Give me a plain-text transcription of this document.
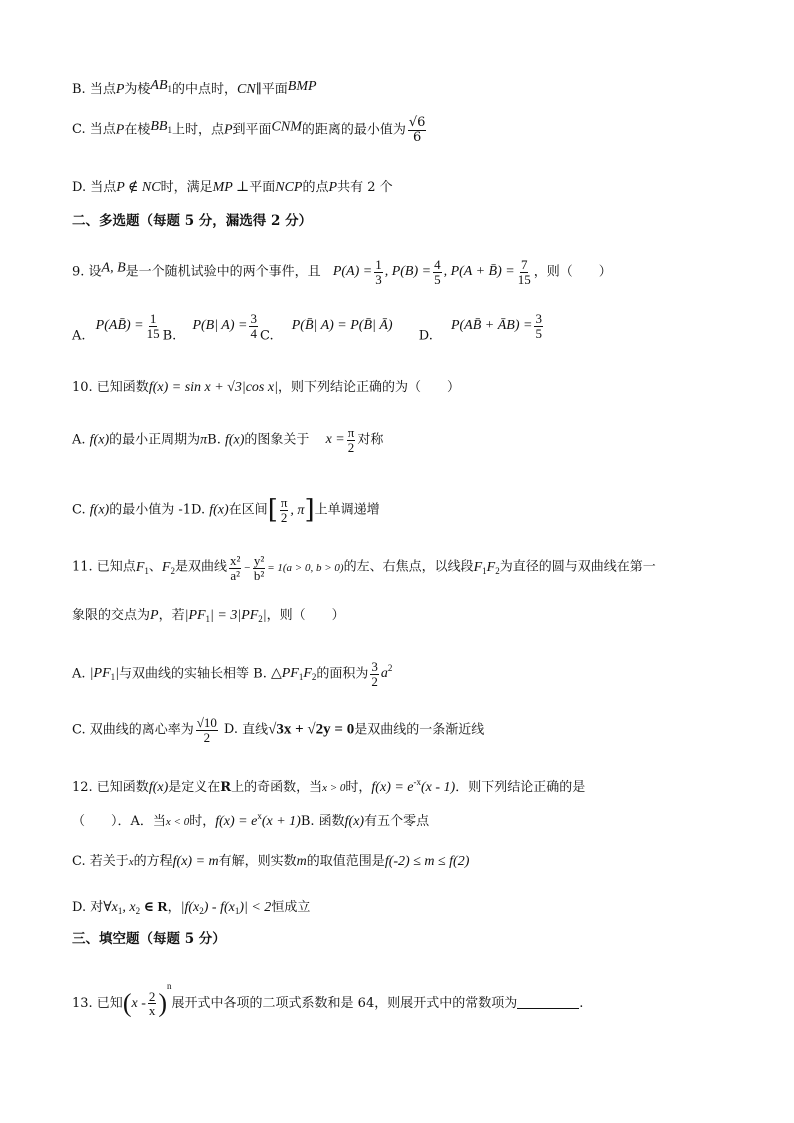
B. 当点P为棱$AB_1$的中点时，CN∥平面BMP
C. 当点P在棱$BB_1$上时，点P到平面CNM的距离的最小值为 $\frac{√6}{6}$
D. 当点P ∉ NC时，满足MP ⊥平面NCP的点P共有 2 个
二、多选题（每题 5 分，漏选得 2 分）
9. 设A, B是一个随机试验中的两个事件，且 $P(A) = \frac{1}{3}$ , $P(B) = \frac{4}{5}$ , P(A + B̄) = $\frac{7}{15}$ ，则（　　）
A. P(AB̄) = $\frac{1}{15} B$. P(B| $A) = \frac{3}{4} C$. P(B̄| A) = P(B̄| Ā) D. P(AB̄ + ĀB) = $\frac{3}{5}$
10. 已知函数f(x) = sin x + √3|cos x|，则下列结论正确的为（　　）
A. f(x)的最小正周期为πB. f(x)的图象关于 $x = \frac{\pi}{2}$ 对称
C. f(x)的最小值为 -1D. f(x)在区间[ $\frac{\pi}{2}$ , π]上单调递增
11. 已知点$F_1$、$F_2$是双曲线 $\frac{\text{x²}}{\text{a²}} - \frac{\text{y²}}{\text{b²}} = 1(a > 0$, b > 0)的左、右焦点，以线段$F_1F_2$为直径的圆与双曲线在第一
象限的交点为P，若$|PF_1| = 3|PF_2|$，则（　　）
A. $|PF_1|$与双曲线的实轴长相等 B. $\triangle PF_1F_2$的面积为 $\frac{3}{2} a^2$
C. 双曲线的离心率为 $\frac{√10}{2} D$. 直线√3x + √2y = 0是双曲线的一条渐近线
12. 已知函数f(x)是定义在R上的奇函数，当x > 0时，$f(x) = e^{-x}(x - 1)$．则下列结论正确的是
（　　）．A．当x < 0时，$f(x) = e^x(x + 1)B$. 函数f(x)有五个零点
C. 若关于x的方程f(x) = m有解，则实数m的取值范围是f(-2) ≤ m ≤ f(2)
D. 对$\forall x_1$, $x_2$ ∈ R，$|f(x_2) - f(x_1)| < 2$恒成立
三、填空题（每题 5 分）
13. 已知$(x - \frac{2}{x} )^n$展开式中各项的二项式系数和是 64，则展开式中的常数项为	.
